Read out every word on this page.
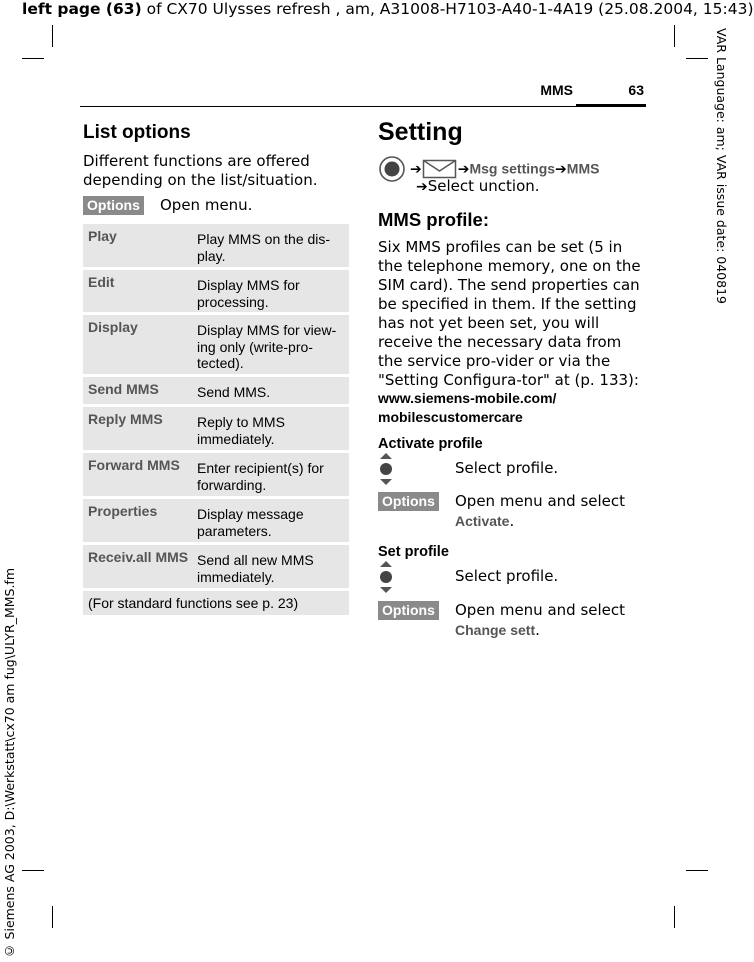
left page (63) of CX70 Ulysses refresh , am, A31008-H7103-A40-1-4A19 (25.08.2004, 15:43)
VAR Language: am; VAR issue date: 040819
© Siemens AG 2003, D:\Werkstatt\cx70 am fug\ULYR_MMS.fm
MMS	63
List options
Different functions are offered depending on the list/situation.
Options Open menu.
Play	Play MMS on the dis-play.
Edit	Display MMS for processing.
Display	Display MMS for view-ing only (write-pro-tected).
Send MMS	Send MMS.
Reply MMS	Reply to MMS immediately.
Forward MMS	Enter recipient(s) for forwarding.
Properties	Display message parameters.
Receiv.all MMS Send all new MMS immediately.
(For standard functions see p. 23)
Setting
➔	➔Msg settings➔MMS
➔Select unction.
MMS profile:
Six MMS profiles can be set (5 in the telephone memory, one on the SIM card). The send properties can be specified in them. If the setting has not yet been set, you will receive the necessary data from the service pro-vider or via the "Setting Configura-tor" at (p. 133):
www.siemens-mobile.com/
mobilescustomercare
Activate profile
Select profile.
Options Open menu and select
Activate.
Set profile
Select profile.
Options Open menu and select
Change sett.
